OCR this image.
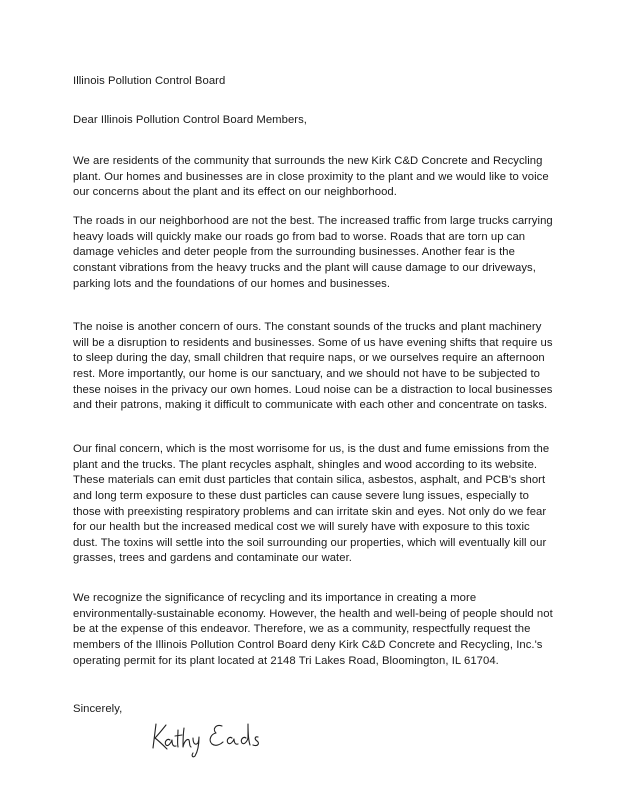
Illinois Pollution Control Board
Dear Illinois Pollution Control Board Members,

We are residents of the community that surrounds the new Kirk C&D Concrete and Recycling plant. Our homes and businesses are in close proximity to the plant and we would like to voice our concerns about the plant and its effect on our neighborhood.

The roads in our neighborhood are not the best. The increased traffic from large trucks carrying heavy loads will quickly make our roads go from bad to worse. Roads that are torn up can damage vehicles and deter people from the surrounding businesses. Another fear is the constant vibrations from the heavy trucks and the plant will cause damage to our driveways, parking lots and the foundations of our homes and businesses.

The noise is another concern of ours. The constant sounds of the trucks and plant machinery will be a disruption to residents and businesses. Some of us have evening shifts that require us to sleep during the day, small children that require naps, or we ourselves require an afternoon rest. More importantly, our home is our sanctuary, and we should not have to be subjected to these noises in the privacy our own homes. Loud noise can be a distraction to local businesses and their patrons, making it difficult to communicate with each other and concentrate on tasks.

Our final concern, which is the most worrisome for us, is the dust and fume emissions from the plant and the trucks. The plant recycles asphalt, shingles and wood according to its website. These materials can emit dust particles that contain silica, asbestos, asphalt, and PCB's short and long term exposure to these dust particles can cause severe lung issues, especially to those with preexisting respiratory problems and can irritate skin and eyes. Not only do we fear for our health but the increased medical cost we will surely have with exposure to this toxic dust. The toxins will settle into the soil surrounding our properties, which will eventually kill our grasses, trees and gardens and contaminate our water.

We recognize the significance of recycling and its importance in creating a more environmentally-sustainable economy. However, the health and well-being of people should not be at the expense of this endeavor. Therefore, we as a community, respectfully request the members of the Illinois Pollution Control Board deny Kirk C&D Concrete and Recycling, Inc.'s operating permit for its plant located at 2148 Tri Lakes Road, Bloomington, IL 61704.

Sincerely,
